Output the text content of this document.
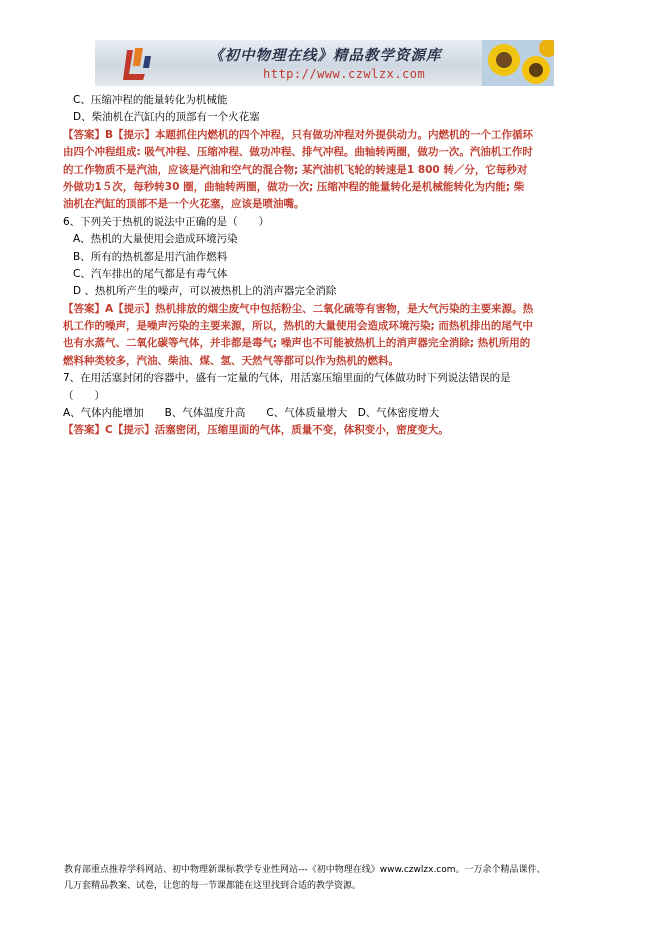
《初中物理在线》精品教学资源库
http://www.czwlzx.com
C、压缩冲程的能量转化为机械能
D、柴油机在汽缸内的顶部有一个火花塞
【答案】B【提示】本题抓住内燃机的四个冲程，只有做功冲程对外提供动力。内燃机的一个工作循环
由四个冲程组成: 吸气冲程、压缩冲程、做功冲程、排气冲程。曲轴转两圈，做功一次。汽油机工作时
的工作物质不是汽油，应该是汽油和空气的混合物; 某汽油机飞轮的转速是1 800 转／分，它每秒对
外做功1５次，每秒转30 圈，曲轴转两圈，做功一次; 压缩冲程的能量转化是机械能转化为内能; 柴
油机在汽缸的顶部不是一个火花塞，应该是喷油嘴。
6、下列关于热机的说法中正确的是（　　）
A、热机的大量使用会造成环境污染
B、所有的热机都是用汽油作燃料
C、汽车排出的尾气都是有毒气体
D 、热机所产生的噪声，可以被热机上的消声器完全消除
【答案】A【提示】热机排放的烟尘废气中包括粉尘、二氧化硫等有害物，是大气污染的主要来源。热
机工作的噪声，是噪声污染的主要来源，所以，热机的大量使用会造成环境污染; 而热机排出的尾气中
也有水蒸气、二氧化碳等气体，并非都是毒气; 噪声也不可能被热机上的消声器完全消除; 热机所用的
燃料种类较多，汽油、柴油、煤、氢、天然气等都可以作为热机的燃料。
7、在用活塞封闭的容器中，盛有一定量的气体，用活塞压缩里面的气体做功时下列说法错误的是
（　　）
A、气体内能增加　　B、气体温度升高　　C、气体质量增大　D、气体密度增大
【答案】C【提示】活塞密闭，压缩里面的气体，质量不变，体积变小，密度变大。
教育部重点推荐学科网站、初中物理新课标教学专业性网站---《初中物理在线》www.czwlzx.com。一万余个精品课件、
几万套精品教案、试卷，让您的每一节课都能在这里找到合适的教学资源。
